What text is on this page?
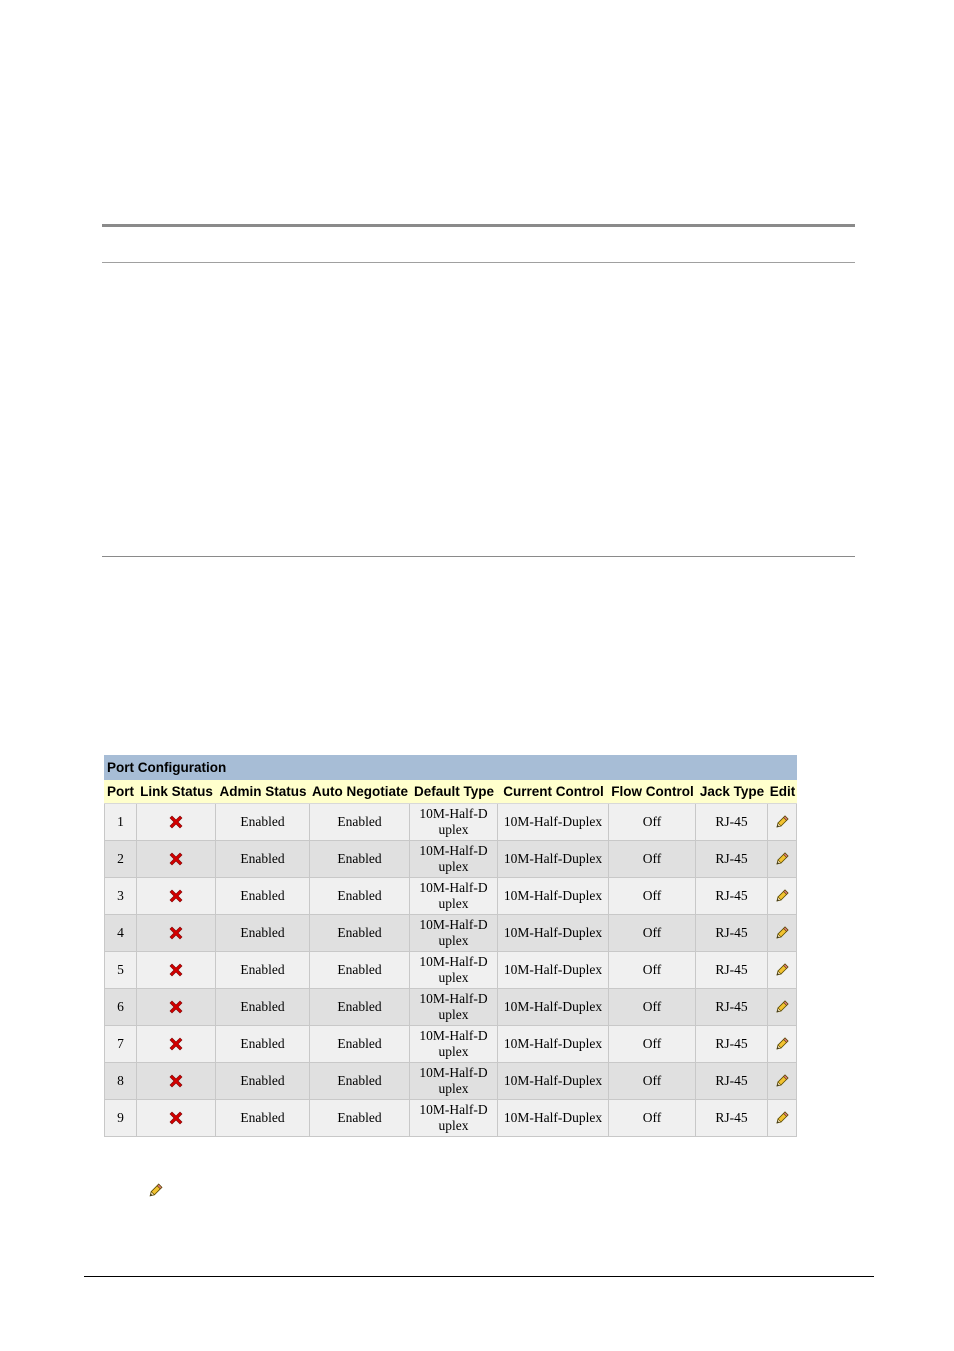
Port Configuration
Port	Link Status	Admin Status	Auto Negotiate	Default Type	Current Control	Flow Control	Jack Type	Edit
1		Enabled	Enabled	10M-Half-Duplex	10M-Half-Duplex	Off	RJ-45	
2		Enabled	Enabled	10M-Half-Duplex	10M-Half-Duplex	Off	RJ-45	
3		Enabled	Enabled	10M-Half-Duplex	10M-Half-Duplex	Off	RJ-45	
4		Enabled	Enabled	10M-Half-Duplex	10M-Half-Duplex	Off	RJ-45	
5		Enabled	Enabled	10M-Half-Duplex	10M-Half-Duplex	Off	RJ-45	
6		Enabled	Enabled	10M-Half-Duplex	10M-Half-Duplex	Off	RJ-45	
7		Enabled	Enabled	10M-Half-Duplex	10M-Half-Duplex	Off	RJ-45	
8		Enabled	Enabled	10M-Half-Duplex	10M-Half-Duplex	Off	RJ-45	
9		Enabled	Enabled	10M-Half-Duplex	10M-Half-Duplex	Off	RJ-45	
